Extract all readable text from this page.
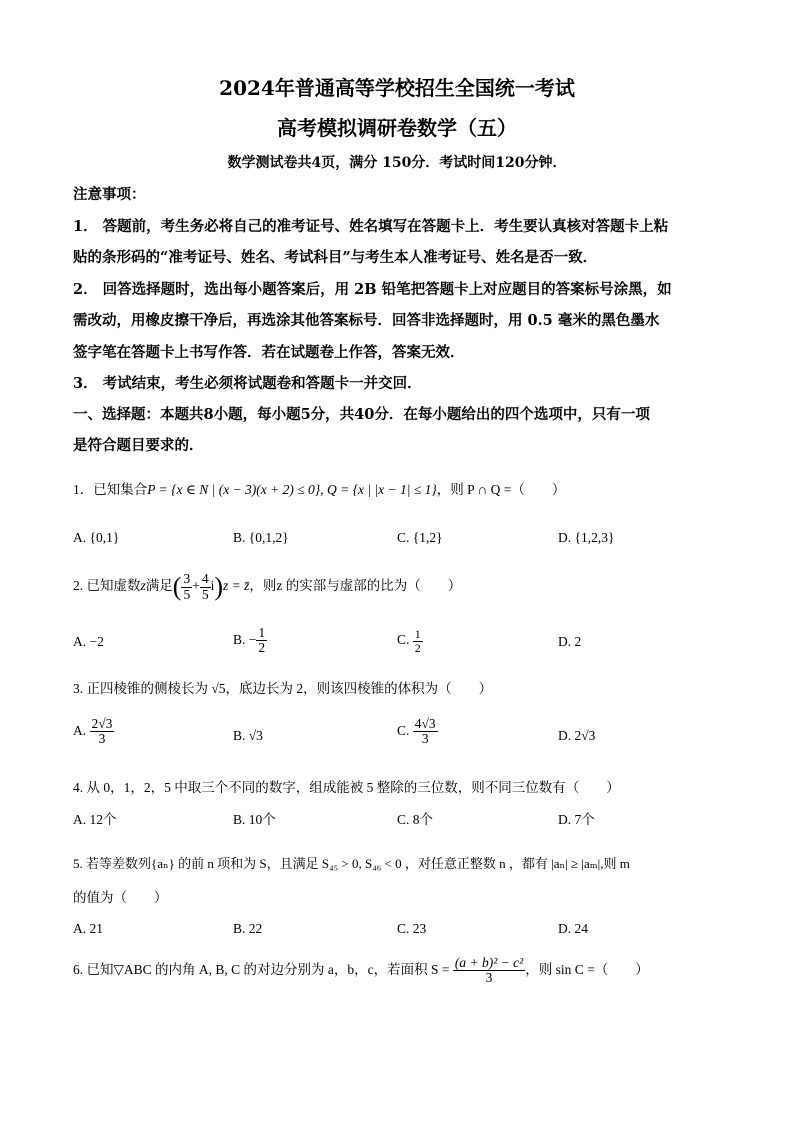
2024年普通高等学校招生全国统一考试
高考模拟调研卷数学（五）
数学测试卷共4页，满分 150分．考试时间120分钟．
注意事项：
1． 答题前，考生务必将自己的准考证号、姓名填写在答题卡上．考生要认真核对答题卡上粘
贴的条形码的“准考证号、姓名、考试科目”与考生本人准考证号、姓名是否一致．
2． 回答选择题时，选出每小题答案后，用 2B 铅笔把答题卡上对应题目的答案标号涂黑，如
需改动，用橡皮擦干净后，再选涂其他答案标号．回答非选择题时，用 0.5 毫米的黑色墨水
签字笔在答题卡上书写作答．若在试题卷上作答，答案无效．
3． 考试结束，考生必须将试题卷和答题卡一并交回．
一、选择题：本题共8小题，每小题5分，共40分．在每小题给出的四个选项中，只有一项
是符合题目要求的．
1．已知集合P = {x ∈ N | (x − 3)(x + 2) ≤ 0}, Q = {x | |x − 1| ≤ 1}，则 P ∩ Q =（　　）
A. {0,1}	B. {0,1,2}	C. {1,2}	D. {1,2,3}
2. 已知虚数z满足( $\frac{3}{5} + \frac{4}{5} i)z$ = z̄，则z 的实部与虚部的比为（　　）
A. −2	B. − $\frac{1}{2}$	C. $\frac{1}{2}$	D. 2
3. 正四棱锥的侧棱长为 √5，底边长为 2，则该四棱锥的体积为（　　）
A. $\frac{2√3}{3}$	B. √3	C. $\frac{4√3}{3}$	D. 2√3
4. 从 0，1，2，5 中取三个不同的数字，组成能被 5 整除的三位数，则不同三位数有（　　）
A. 12个	B. 10个	C. 8个	D. 7个
5. 若等差数列{aₙ} 的前 n 项和为 S，且满足 S₄₅ > 0, S₄₆ < 0 ，对任意正整数 n ，都有 |aₙ| ≥ |aₘ|,则 m
的值为（　　）
A. 21	B. 22	C. 23	D. 24
6. 已知▽ABC 的内角 A, B, C 的对边分别为 a，b，c，若面积 $S = \frac{\text{(a + b)² − c²}}{3}$ ，则 sin C =（　　）
